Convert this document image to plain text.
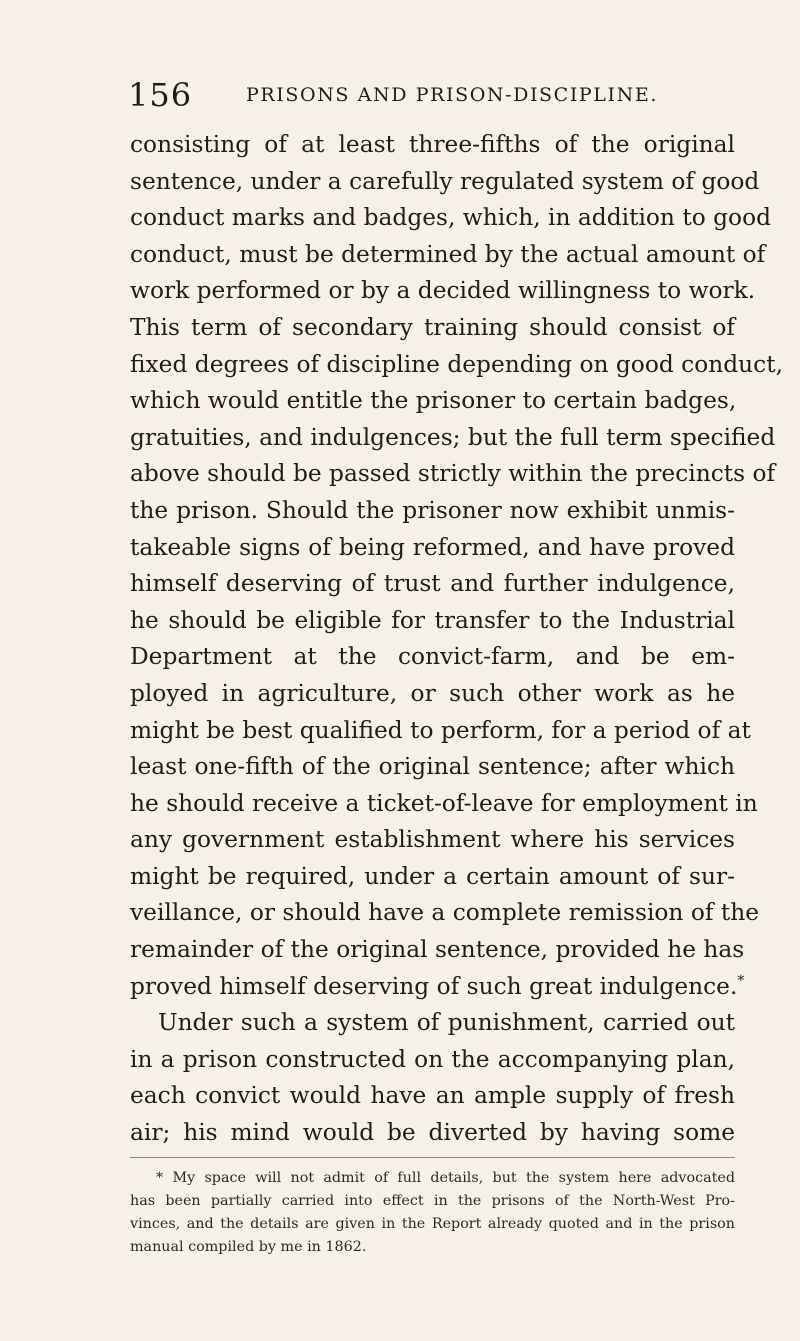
156	PRISONS AND PRISON-DISCIPLINE.
consisting of at least three-fifths of the original
sentence, under a carefully regulated system of good
conduct marks and badges, which, in addition to good
conduct, must be determined by the actual amount of
work performed or by a decided willingness to work.
This term of secondary training should consist of
fixed degrees of discipline depending on good conduct,
which would entitle the prisoner to certain badges,
gratuities, and indulgences; but the full term specified
above should be passed strictly within the precincts of
the prison. Should the prisoner now exhibit unmis-
takeable signs of being reformed, and have proved
himself deserving of trust and further indulgence,
he should be eligible for transfer to the Industrial
Department at the convict-farm, and be em-
ployed in agriculture, or such other work as he
might be best qualified to perform, for a period of at
least one-fifth of the original sentence; after which
he should receive a ticket-of-leave for employment in
any government establishment where his services
might be required, under a certain amount of sur-
veillance, or should have a complete remission of the
remainder of the original sentence, provided he has
proved himself deserving of such great indulgence.*
Under such a system of punishment, carried out
in a prison constructed on the accompanying plan,
each convict would have an ample supply of fresh
air; his mind would be diverted by having some
* My space will not admit of full details, but the system here advocated
has been partially carried into effect in the prisons of the North-West Pro-
vinces, and the details are given in the Report already quoted and in the prison
manual compiled by me in 1862.
